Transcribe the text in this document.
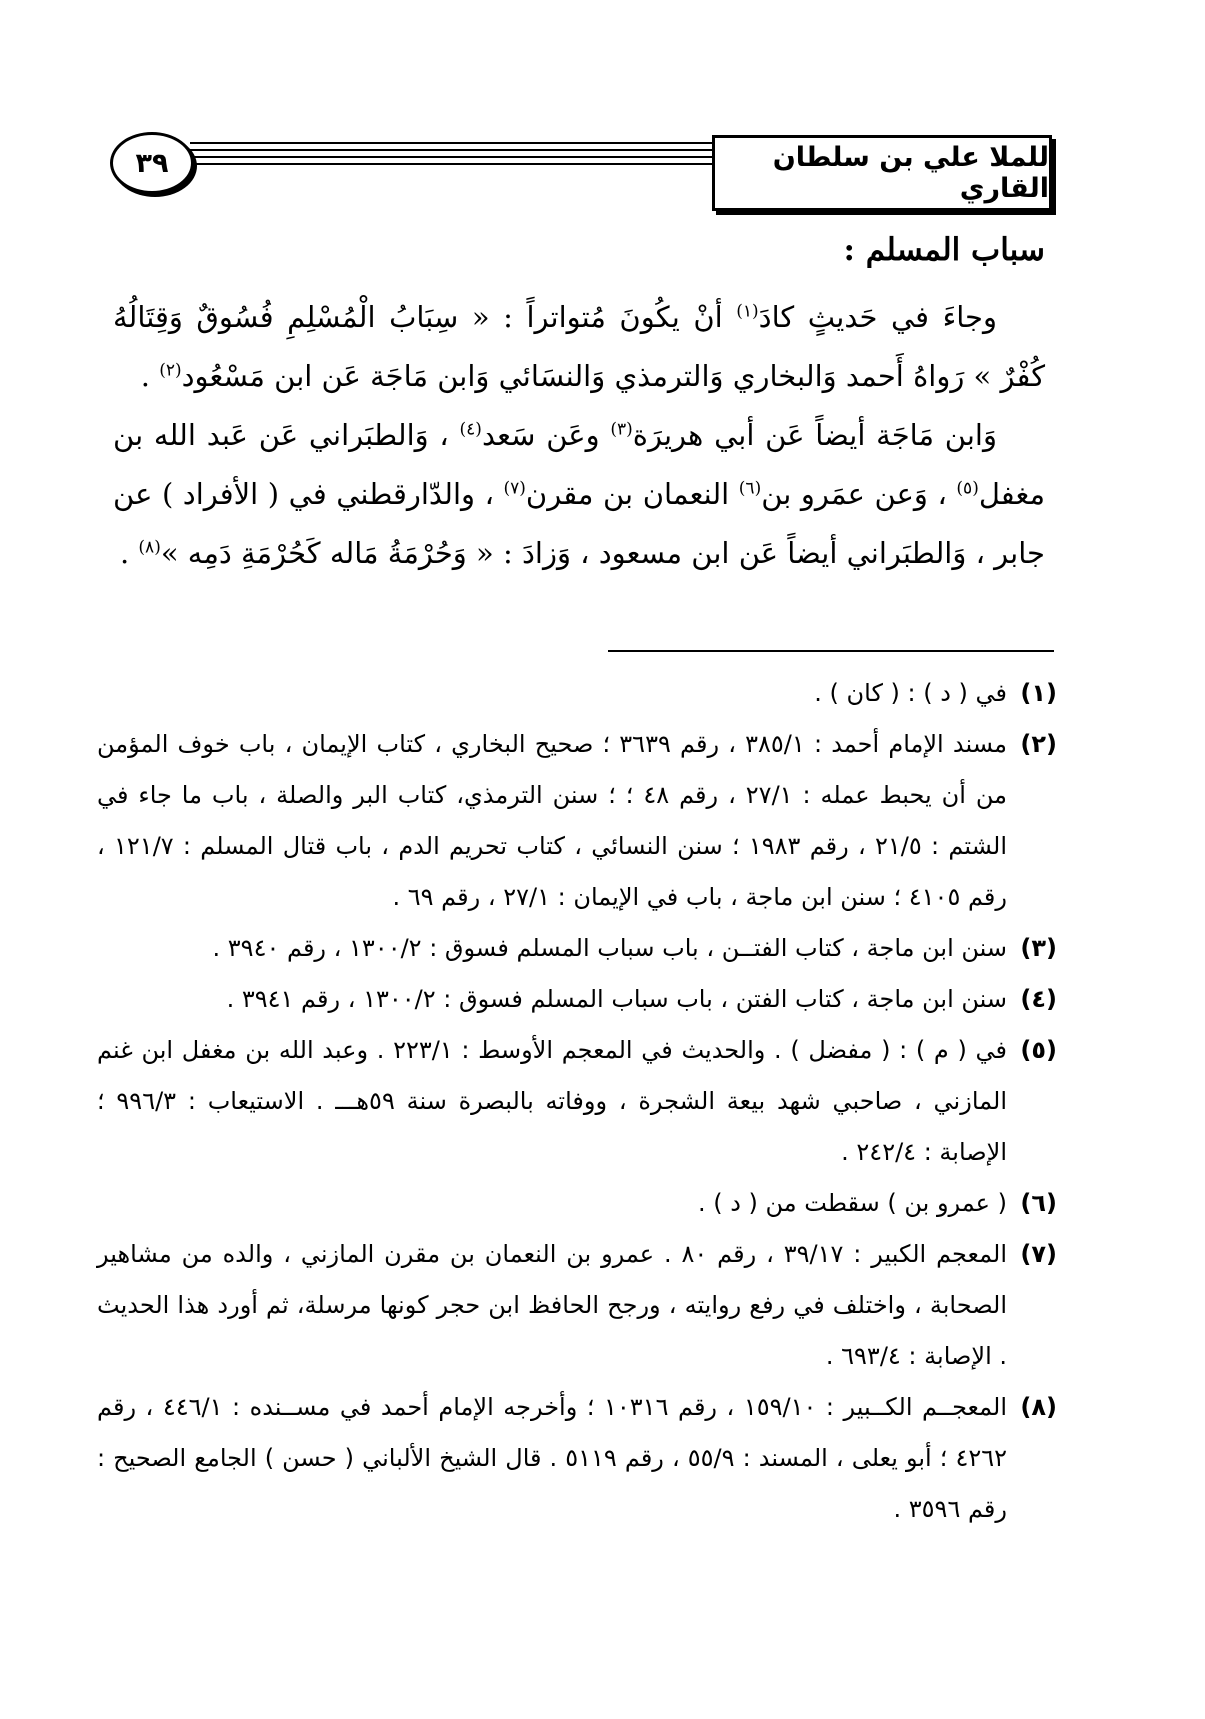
للملا علي بن سلطان القاري
٣٩
سباب المسلم :

وجاءَ في حَديثٍ كادَ$^{(١)}$ أنْ يكُونَ مُتواتراً : « سِبَابُ الْمُسْلِمِ فُسُوقٌ وَقِتَالُهُ كُفْرٌ » رَواهُ أَحمد وَالبخاري وَالترمذي وَالنسَائي وَابن مَاجَة عَن ابن مَسْعُود$^{(٢)}$ .

وَابن مَاجَة أيضاً عَن أبي هريرَة$^{(٣)}$ وعَن سَعد$^{(٤)}$ ، وَالطبَراني عَن عَبد الله بن مغفل$^{(٥)}$ ، وَعن عمَرو بن$^{(٦)}$ النعمان بن مقرن$^{(٧)}$ ، والدّارقطني في ( الأفراد ) عن جابر ، وَالطبَراني أيضاً عَن ابن مسعود ، وَزادَ : « وَحُرْمَةُ مَاله كَحُرْمَةِ دَمِه »$^{(٨)}$ .

(١)
في ( د ) : ( كان ) .
(٢)
مسند الإمام أحمد : ٣٨٥/١ ، رقم ٣٦٣٩ ؛ صحيح البخاري ، كتاب الإيمان ، باب خوف المؤمن من أن يحبط عمله : ٢٧/١ ، رقم ٤٨ ؛ ؛ سنن الترمذي، كتاب البر والصلة ، باب ما جاء في الشتم : ٢١/٥ ، رقم ١٩٨٣ ؛ سنن النسائي ، كتاب تحريم الدم ، باب قتال المسلم : ١٢١/٧ ، رقم ٤١٠٥ ؛ سنن ابن ماجة ، باب في الإيمان : ٢٧/١ ، رقم ٦٩ .
(٣)
سنن ابن ماجة ، كتاب الفتــن ، باب سباب المسلم فسوق : ١٣٠٠/٢ ، رقم ٣٩٤٠ .
(٤)
سنن ابن ماجة ، كتاب الفتن ، باب سباب المسلم فسوق : ١٣٠٠/٢ ، رقم ٣٩٤١ .
(٥)
في ( م ) : ( مفضل ) . والحديث في المعجم الأوسط : ٢٢٣/١ . وعبد الله بن مغفل ابن غنم المازني ، صاحبي شهد بيعة الشجرة ، ووفاته بالبصرة سنة ٥٩هـــ . الاستيعاب : ٩٩٦/٣ ؛ الإصابة : ٢٤٢/٤ .
(٦)
( عمرو بن ) سقطت من ( د ) .
(٧)
المعجم الكبير : ٣٩/١٧ ، رقم ٨٠ . عمرو بن النعمان بن مقرن المازني ، والده من مشاهير الصحابة ، واختلف في رفع روايته ، ورجح الحافظ ابن حجر كونها مرسلة، ثم أورد هذا الحديث . الإصابة : ٦٩٣/٤ .
(٨)
المعجــم الكــبير : ١٥٩/١٠ ، رقم ١٠٣١٦ ؛ وأخرجه الإمام أحمد في مســنده : ٤٤٦/١ ، رقم ٤٢٦٢ ؛ أبو يعلى ، المسند : ٥٥/٩ ، رقم ٥١١٩ . قال الشيخ الألباني ( حسن ) الجامع الصحيح : رقم ٣٥٩٦ .
